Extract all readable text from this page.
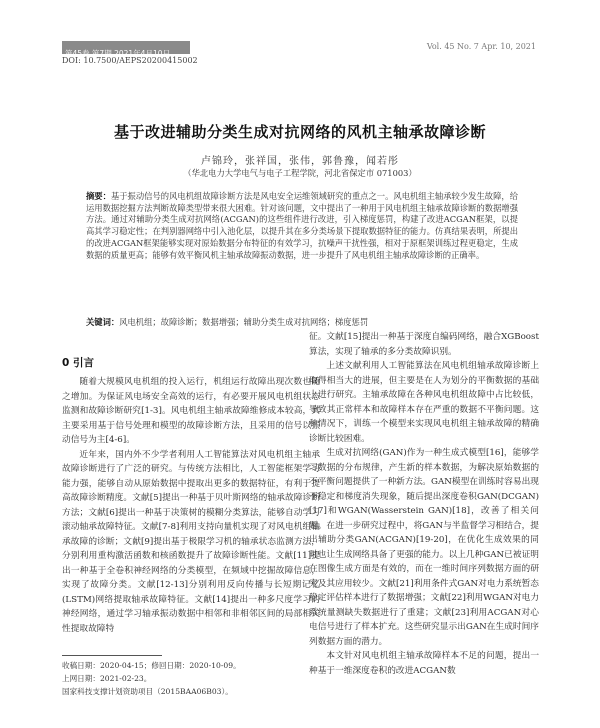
第45卷 第7期 2021年4月10日
Vol. 45 No. 7 Apr. 10, 2021
DOI: 10.7500/AEPS20200415002
基于改进辅助分类生成对抗网络的风机主轴承故障诊断
卢锦玲，张祥国，张伟，郭鲁豫，闻若彤
（华北电力大学电气与电子工程学院，河北省保定市 071003）
摘要：基于振动信号的风电机组故障诊断方法是风电安全运维领域研究的重点之一。风电机组主轴承较少发生故障，给运用数据挖掘方法判断故障类型带来很大困难。针对该问题，文中提出了一种用于风电机组主轴承故障诊断的数据增强方法。通过对辅助分类生成对抗网络(ACGAN)的这些组件进行改进，引入梯度惩罚，构建了改进ACGAN框架，以提高其学习稳定性；在判别器网络中引入池化层，以提升其在多分类场景下提取数据特征的能力。仿真结果表明，所提出的改进ACGAN框架能够实现对原始数据分布特征的有效学习，抗噪声干扰性强，相对于原框架训练过程更稳定，生成数据的质量更高；能够有效平衡风机主轴承故障振动数据，进一步提升了风电机组主轴承故障诊断的正确率。
关键词：风电机组；故障诊断；数据增强；辅助分类生成对抗网络；梯度惩罚
0 引言

随着大规模风电机组的投入运行，机组运行故障出现次数也随之增加。为保证风电场安全高效的运行，有必要开展风电机组状态监测和故障诊断研究[1-3]。风电机组主轴承故障维修成本较高，其主要采用基于信号处理和模型的故障诊断方法，且采用的信号以振动信号为主[4-6]。

近年来，国内外不少学者利用人工智能算法对风电机组主轴承故障诊断进行了广泛的研究。与传统方法相比，人工智能框架学习能力强，能够自动从原始数据中提取出更多的数据特征，有利于提高故障诊断精度。文献[5]提出一种基于贝叶斯网络的轴承故障诊断方法；文献[6]提出一种基于决策树的模糊分类算法，能够自动学习滚动轴承故障特征。文献[7-8]利用支持向量机实现了对风电机组轴承故障的诊断；文献[9]提出基于极限学习机的轴承状态监测方法，分别利用重构激活函数和核函数提升了故障诊断性能。文献[11]提出一种基于全卷积神经网络的分类模型，在频域中挖掘故障信息，实现了故障分类。文献[12-13]分别利用反向传播与长短期记忆(LSTM)网络提取轴承故障特征。文献[14]提出一种多尺度学习的神经网络，通过学习轴承振动数据中相邻和非相邻区间的局部相关性提取故障特

征。文献[15]提出一种基于深度自编码网络，融合XGBoost算法，实现了轴承的多分类故障识别。

上述文献利用人工智能算法在风电机组轴承故障诊断上取得相当大的进展，但主要是在人为划分的平衡数据的基础上进行研究。主轴承故障在各种风电机组故障中占比较低，导致其正常样本和故障样本存在严重的数据不平衡问题。这种情况下，训练一个模型来实现风电机组主轴承故障的精确诊断比较困难。

生成对抗网络(GAN)作为一种生成式模型[16]，能够学习数据的分布规律，产生新的样本数据，为解决原始数据的不平衡问题提供了一种新方法。GAN模型在训练时容易出现不稳定和梯度消失现象，随后提出深度卷积GAN(DCGAN)[17]和WGAN(Wasserstein GAN)[18]，改善了相关问题。在进一步研究过程中，将GAN与半监督学习相结合，提出辅助分类GAN(ACGAN)[19-20]，在优化生成效果的同时也让生成网络具备了更强的能力。以上几种GAN已被证明在图像生成方面是有效的，而在一维时间序列数据方面的研究及其应用较少。文献[21]利用条件式GAN对电力系统暂态稳定评估样本进行了数据增强；文献[22]利用WGAN对电力系统量测缺失数据进行了重建；文献[23]利用ACGAN对心电信号进行了样本扩充。这些研究显示出GAN在生成时间序列数据方面的潜力。

本文针对风电机组主轴承故障样本不足的问题，提出一种基于一维深度卷积的改进ACGAN数

收稿日期：2020-04-15；修回日期：2020-10-09。
上网日期：2021-02-23。
国家科技支撑计划资助项目（2015BAA06B03）。
